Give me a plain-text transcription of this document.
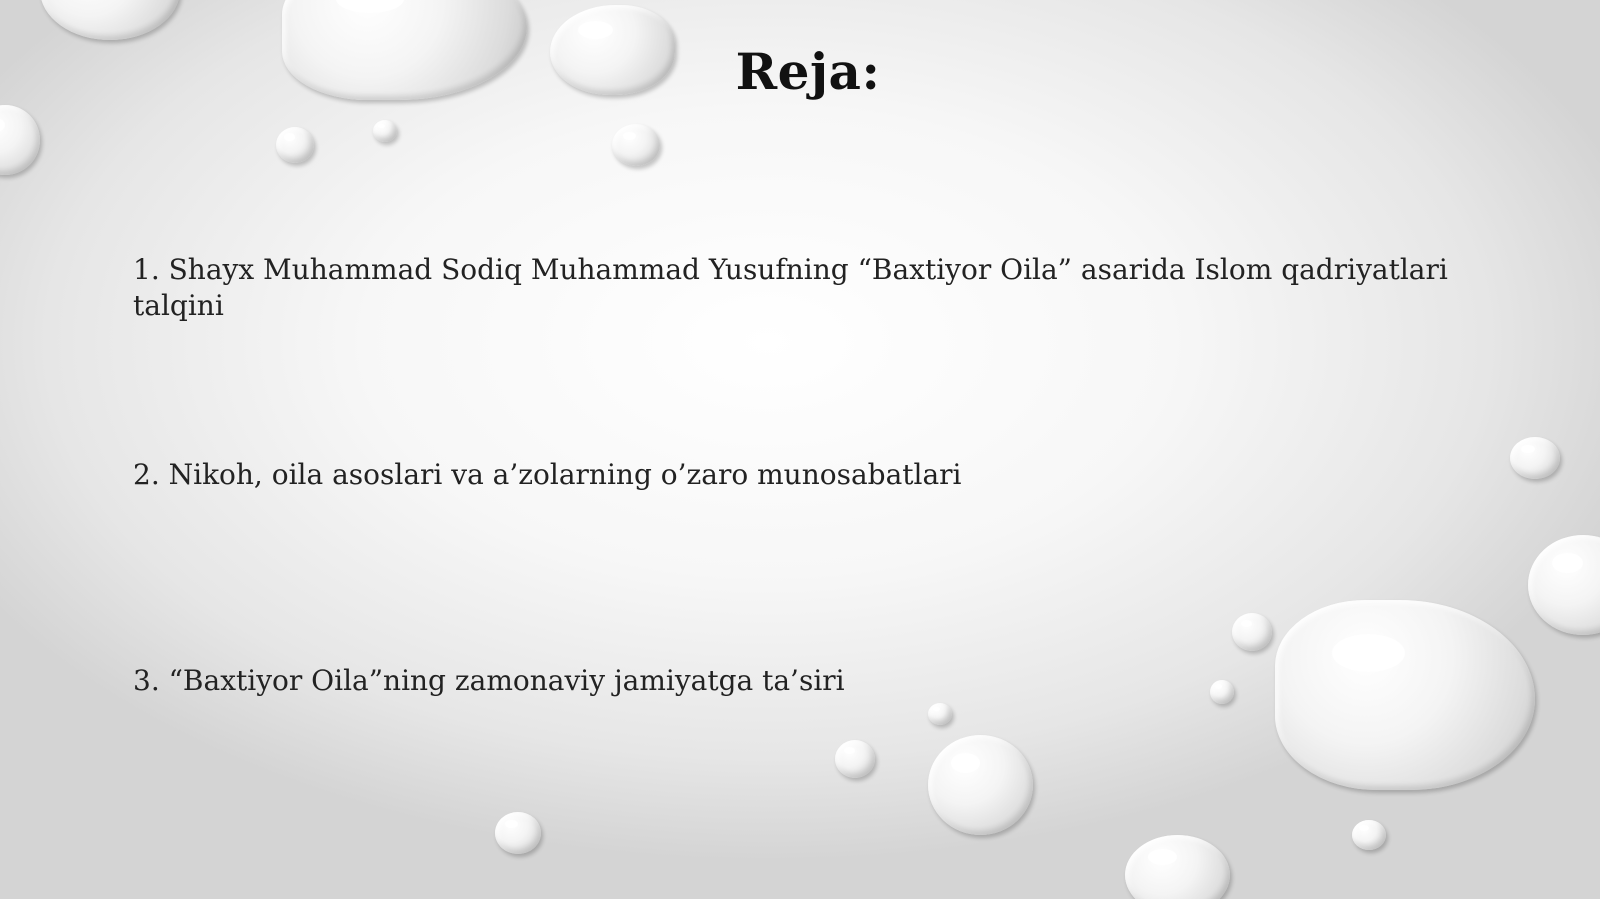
Reja:
1. Shayx Muhammad Sodiq Muhammad Yusufning “Baxtiyor Oila” asarida Islom qadriyatlari talqini
2. Nikoh, oila asoslari va a’zolarning o’zaro munosabatlari
3. “Baxtiyor Oila”ning zamonaviy jamiyatga ta’siri
